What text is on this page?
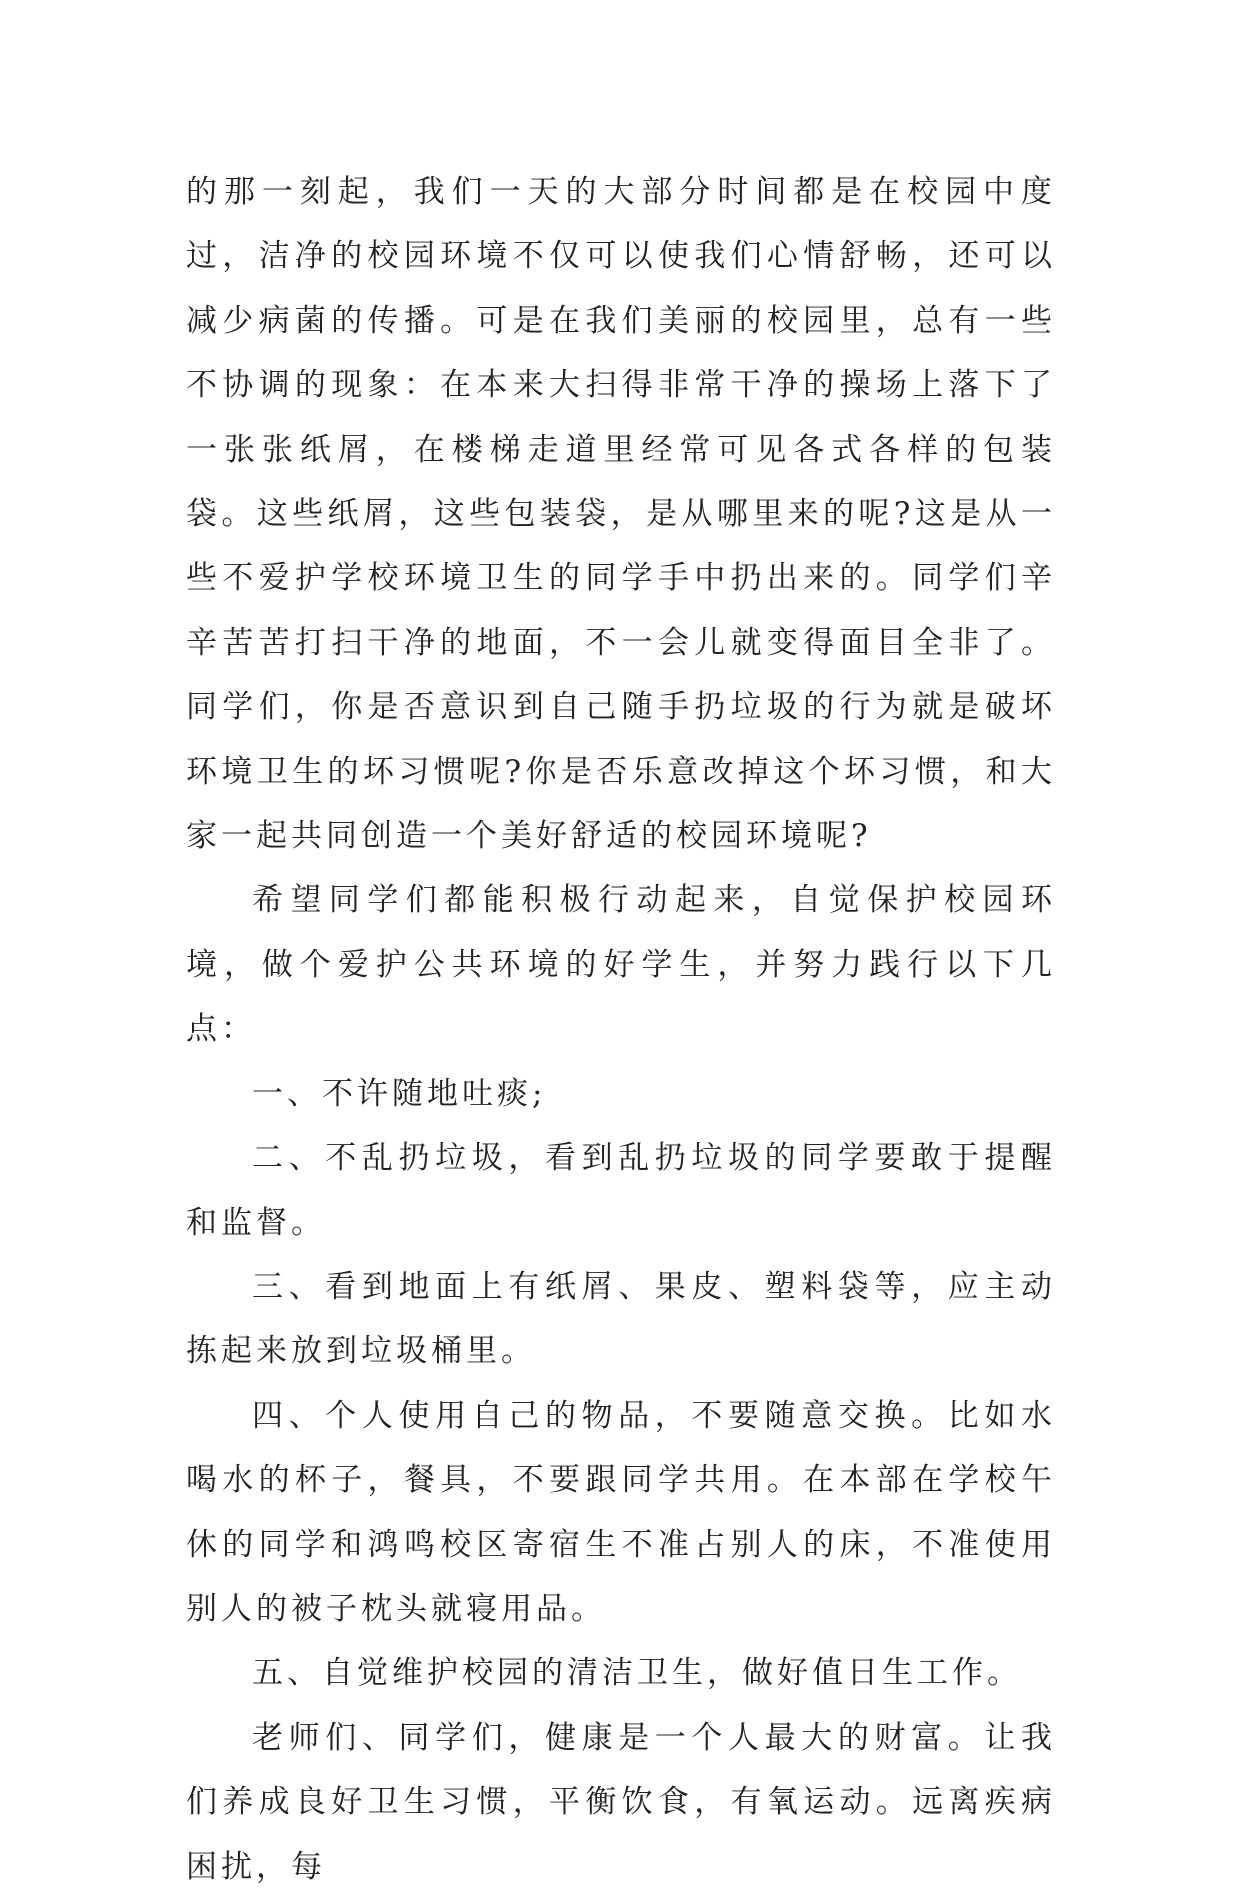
的那一刻起，我们一天的大部分时间都是在校园中度过，洁净的校园环境不仅可以使我们心情舒畅，还可以减少病菌的传播。可是在我们美丽的校园里，总有一些不协调的现象：在本来大扫得非常干净的操场上落下了一张张纸屑，在楼梯走道里经常可见各式各样的包装袋。这些纸屑，这些包装袋，是从哪里来的呢?这是从一些不爱护学校环境卫生的同学手中扔出来的。同学们辛辛苦苦打扫干净的地面，不一会儿就变得面目全非了。同学们，你是否意识到自己随手扔垃圾的行为就是破坏环境卫生的坏习惯呢?你是否乐意改掉这个坏习惯，和大家一起共同创造一个美好舒适的校园环境呢?

希望同学们都能积极行动起来，自觉保护校园环境，做个爱护公共环境的好学生，并努力践行以下几点：

一、不许随地吐痰;

二、不乱扔垃圾，看到乱扔垃圾的同学要敢于提醒和监督。

三、看到地面上有纸屑、果皮、塑料袋等，应主动拣起来放到垃圾桶里。

四、个人使用自己的物品，不要随意交换。比如水喝水的杯子，餐具，不要跟同学共用。在本部在学校午休的同学和鸿鸣校区寄宿生不准占别人的床，不准使用别人的被子枕头就寝用品。

五、自觉维护校园的清洁卫生，做好值日生工作。

老师们、同学们，健康是一个人最大的财富。让我们养成良好卫生习惯，平衡饮食，有氧运动。远离疾病困扰，每
